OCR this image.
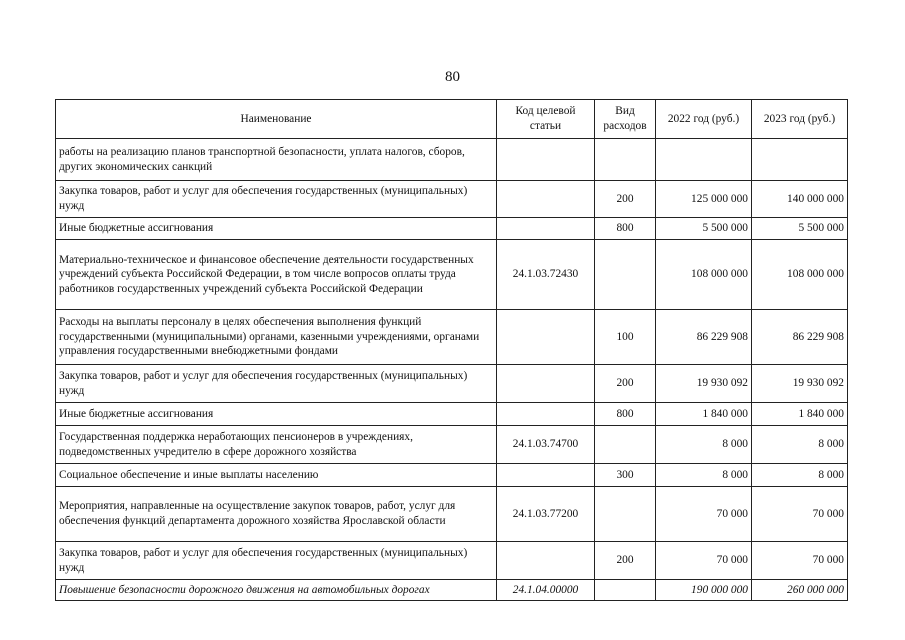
80
Наименование	Код целевой статьи	Вид расходов	2022 год (руб.)	2023 год (руб.)
работы на реализацию планов транспортной безопасности, уплата налогов, сборов, других экономических санкций				
Закупка товаров, работ и услуг для обеспечения государственных (муниципальных) нужд		200	125 000 000	140 000 000
Иные бюджетные ассигнования		800	5 500 000	5 500 000
Материально-техническое и финансовое обеспечение деятельности государственных учреждений субъекта Российской Федерации, в том числе вопросов оплаты труда работников государственных учреждений субъекта Российской Федерации	24.1.03.72430		108 000 000	108 000 000
Расходы на выплаты персоналу в целях обеспечения выполнения функций государственными (муниципальными) органами, казенными учреждениями, органами управления государственными внебюджетными фондами		100	86 229 908	86 229 908
Закупка товаров, работ и услуг для обеспечения государственных (муниципальных) нужд		200	19 930 092	19 930 092
Иные бюджетные ассигнования		800	1 840 000	1 840 000
Государственная поддержка неработающих пенсионеров в учреждениях, подведомственных учредителю в сфере дорожного хозяйства	24.1.03.74700		8 000	8 000
Социальное обеспечение и иные выплаты населению		300	8 000	8 000
Мероприятия, направленные на осуществление закупок товаров, работ, услуг для обеспечения функций департамента дорожного хозяйства Ярославской области	24.1.03.77200		70 000	70 000
Закупка товаров, работ и услуг для обеспечения государственных (муниципальных) нужд		200	70 000	70 000
Повышение безопасности дорожного движения на автомобильных дорогах	24.1.04.00000		190 000 000	260 000 000
